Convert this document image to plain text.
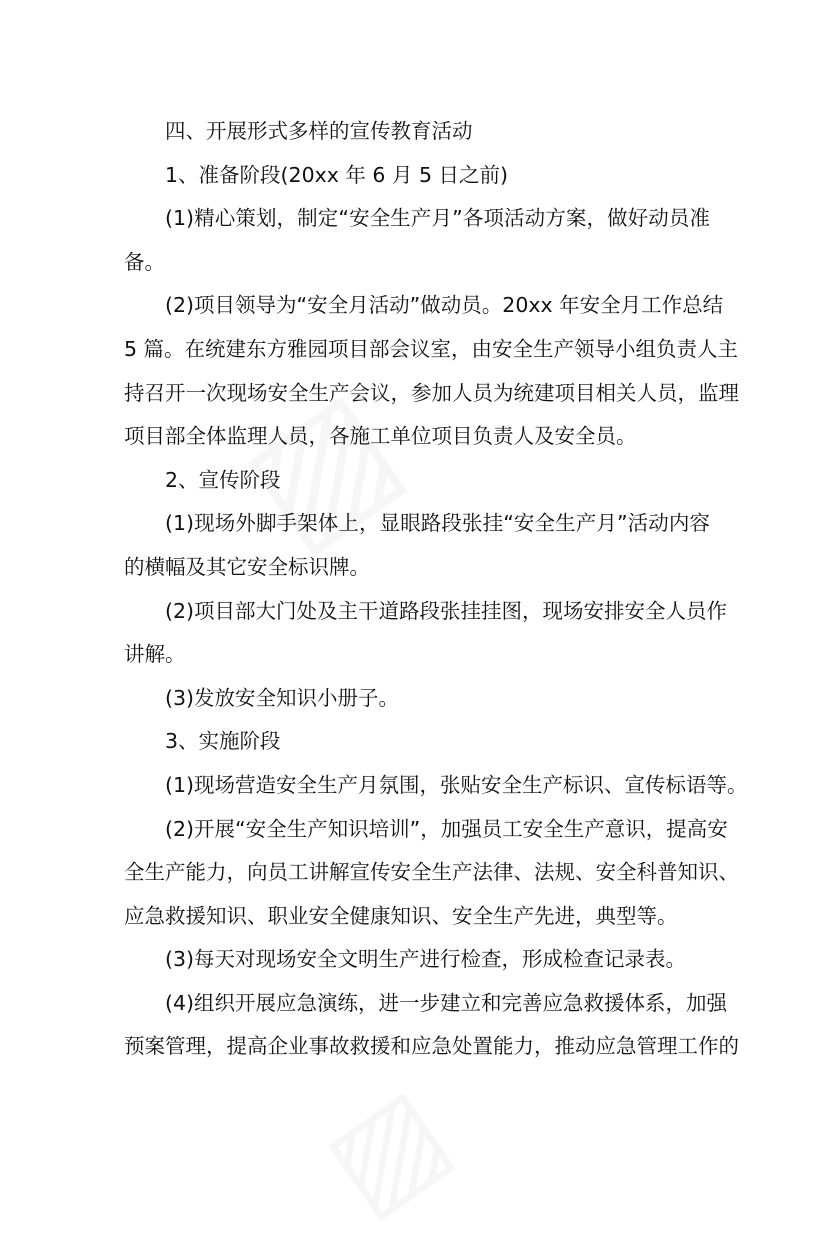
四、开展形式多样的宣传教育活动
1、准备阶段(20xx 年 6 月 5 日之前)
(1)精心策划，制定“安全生产月”各项活动方案，做好动员准
备。
(2)项目领导为“安全月活动”做动员。20xx 年安全月工作总结
5 篇。在统建东方雅园项目部会议室，由安全生产领导小组负责人主
持召开一次现场安全生产会议，参加人员为统建项目相关人员，监理
项目部全体监理人员，各施工单位项目负责人及安全员。
2、宣传阶段
(1)现场外脚手架体上，显眼路段张挂“安全生产月”活动内容
的横幅及其它安全标识牌。
(2)项目部大门处及主干道路段张挂挂图，现场安排安全人员作
讲解。
(3)发放安全知识小册子。
3、实施阶段
(1)现场营造安全生产月氛围，张贴安全生产标识、宣传标语等。
(2)开展“安全生产知识培训”，加强员工安全生产意识，提高安
全生产能力，向员工讲解宣传安全生产法律、法规、安全科普知识、
应急救援知识、职业安全健康知识、安全生产先进，典型等。
(3)每天对现场安全文明生产进行检查，形成检查记录表。
(4)组织开展应急演练，进一步建立和完善应急救援体系，加强
预案管理，提高企业事故救援和应急处置能力，推动应急管理工作的
